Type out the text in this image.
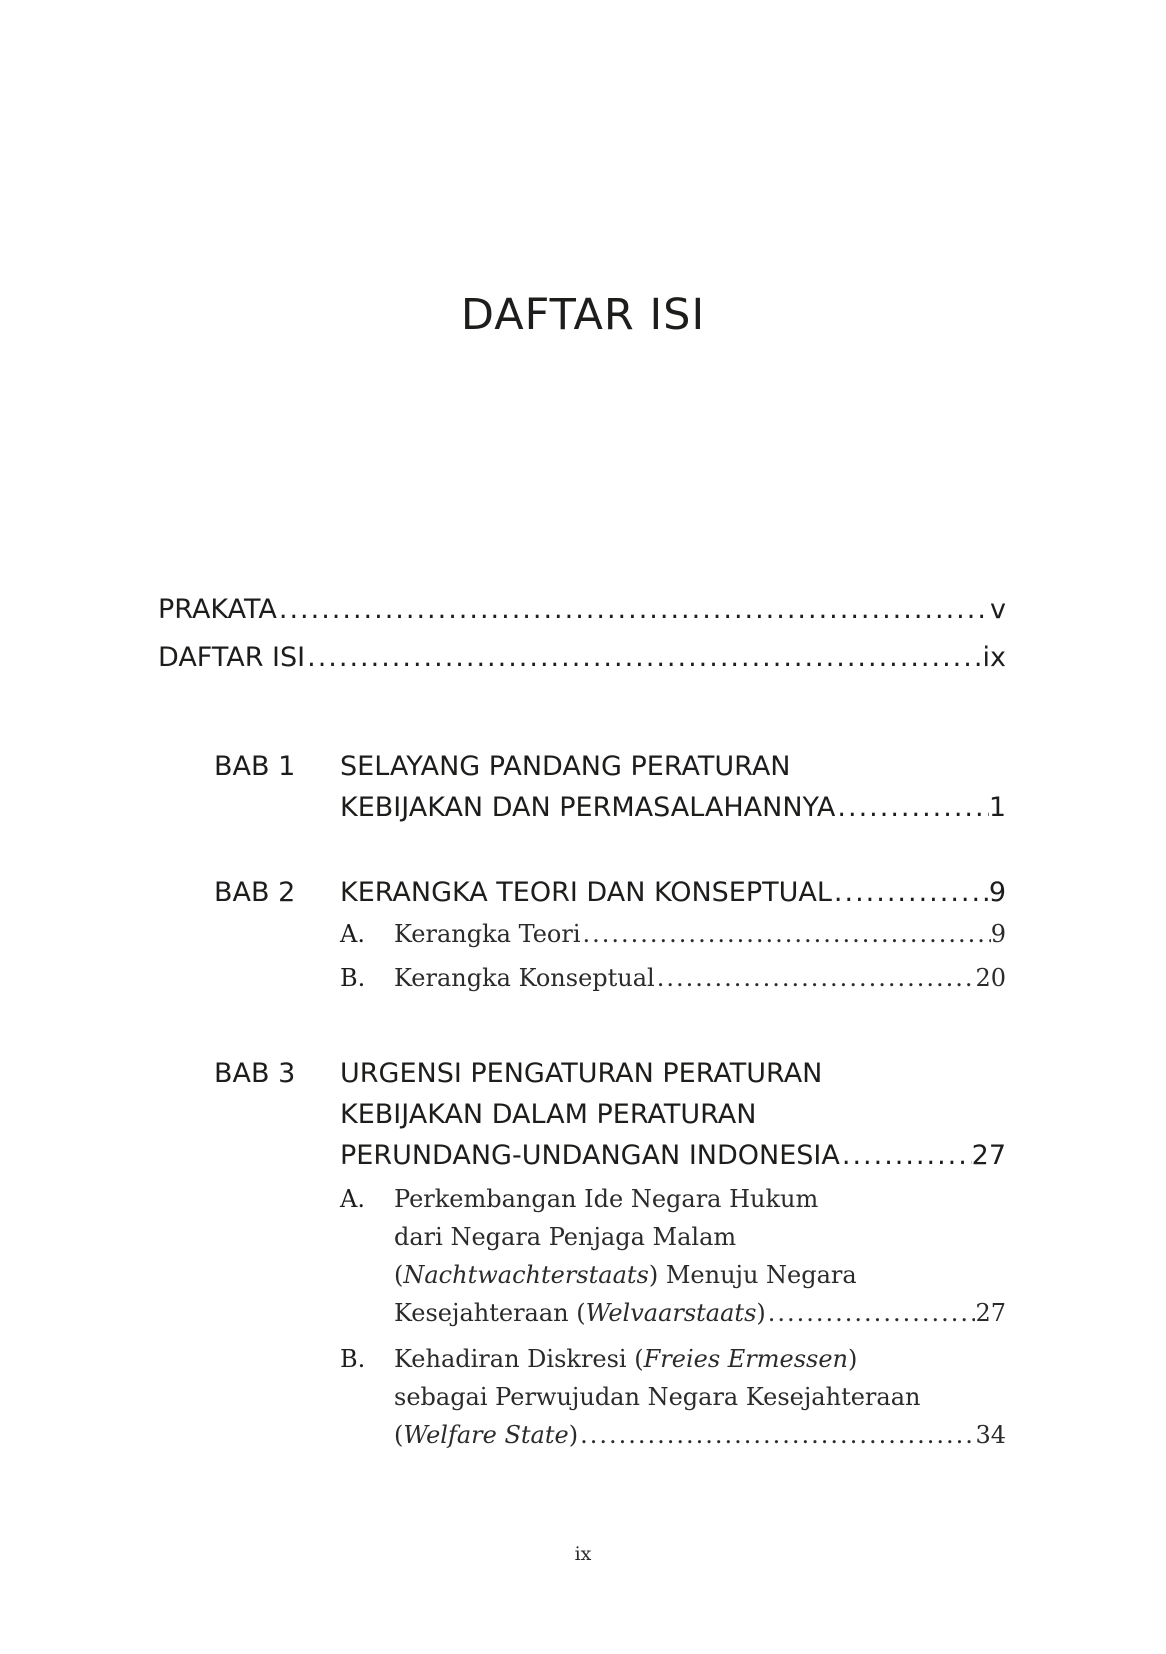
DAFTAR ISI
PRAKATA .....	v
DAFTAR ISI .....	ix
BAB 1	SELAYANG PANDANG PERATURAN
KEBIJAKAN DAN PERMASALAHANNYA .....	1
BAB 2	KERANGKA TEORI DAN KONSEPTUAL .....	9
A.	Kerangka Teori .....	9
B.	Kerangka Konseptual .....	20
BAB 3	URGENSI PENGATURAN PERATURAN
KEBIJAKAN DALAM PERATURAN
PERUNDANG-UNDANGAN INDONESIA .....	27
A.	Perkembangan Ide Negara Hukum
dari Negara Penjaga Malam
(Nachtwachterstaats) Menuju Negara
Kesejahteraan (Welvaarstaats) .....	27
B.	Kehadiran Diskresi (Freies Ermessen)
sebagai Perwujudan Negara Kesejahteraan
(Welfare State) .....	34
ix
